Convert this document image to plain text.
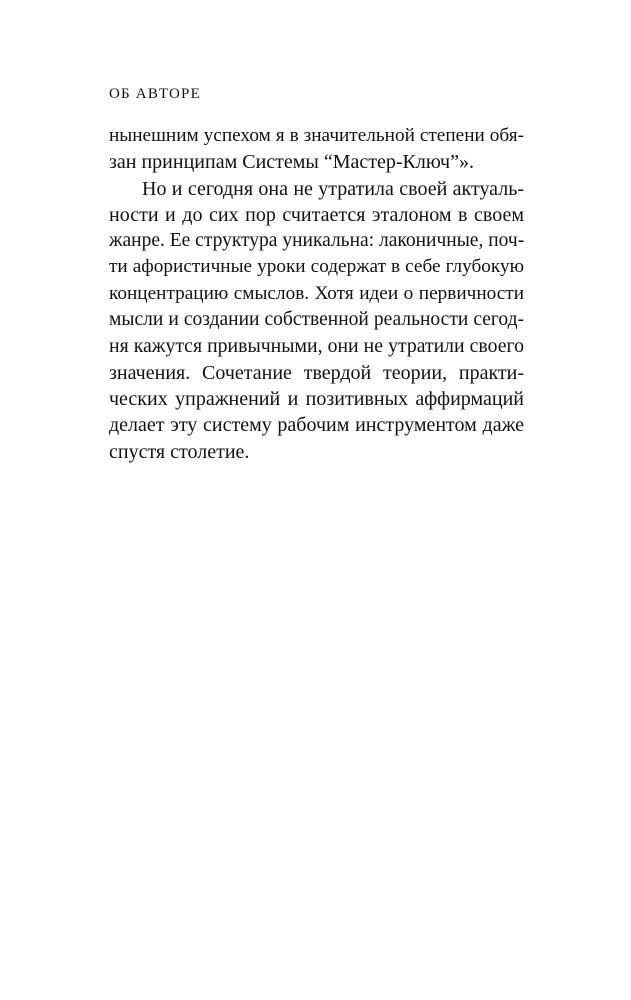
ОБ АВТОРЕ
нынешним успехом я в значительной степени обя-
зан принципам Системы “Мастер-Ключ”».
Но и сегодня она не утратила своей актуаль-
ности и до сих пор считается эталоном в своем
жанре. Ее структура уникальна: лаконичные, поч-
ти афористичные уроки содержат в себе глубокую
концентрацию смыслов. Хотя идеи о первичности
мысли и создании собственной реальности сегод-
ня кажутся привычными, они не утратили своего
значения. Сочетание твердой теории, практи-
ческих упражнений и позитивных аффирмаций
делает эту систему рабочим инструментом даже
спустя столетие.
